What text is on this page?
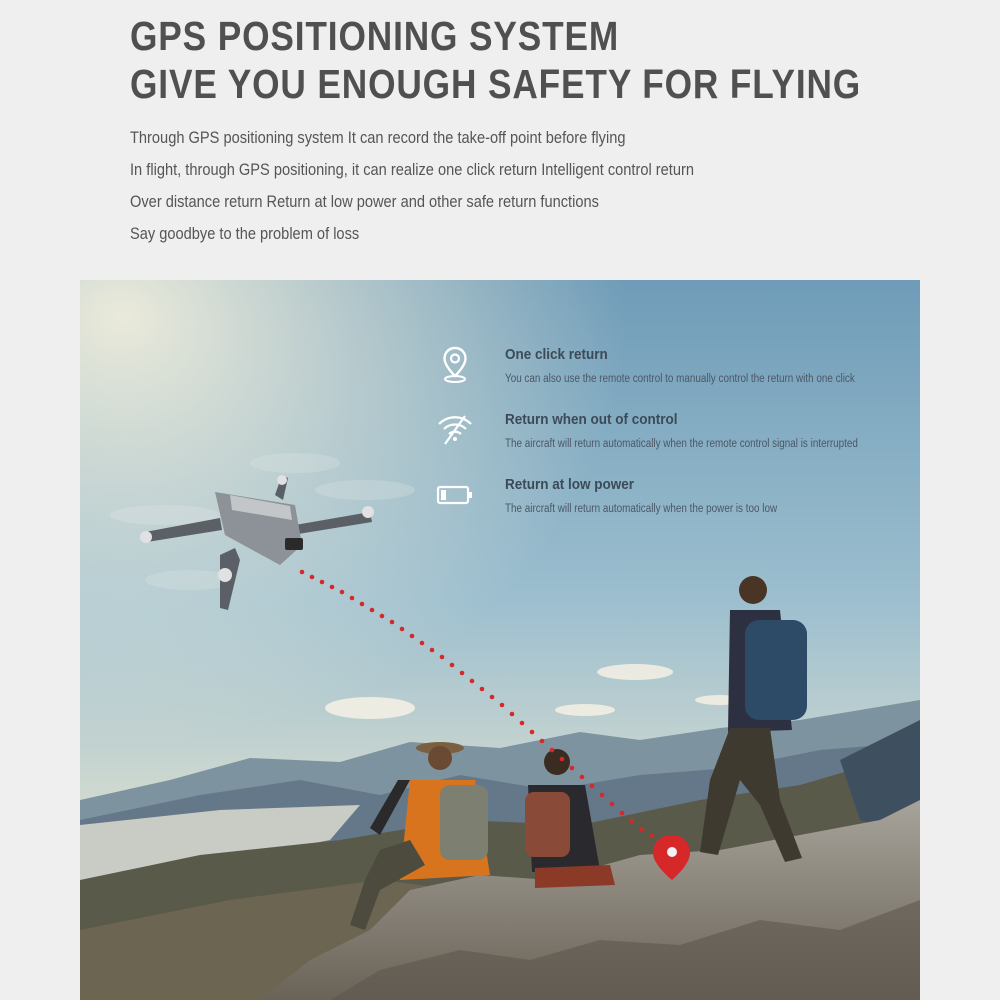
GPS POSITIONING SYSTEM
GIVE YOU ENOUGH SAFETY FOR FLYING
Through GPS positioning system It can record the take-off point before flying
In flight, through GPS positioning, it can realize one click return Intelligent control return
Over distance return Return at low power and other safe return functions
Say goodbye to the problem of loss
One click return
You can also use the remote control to manually control the return with one click
Return when out of control
The aircraft will return automatically when the remote control signal is interrupted
Return at low power
The aircraft will return automatically when the power is too low
